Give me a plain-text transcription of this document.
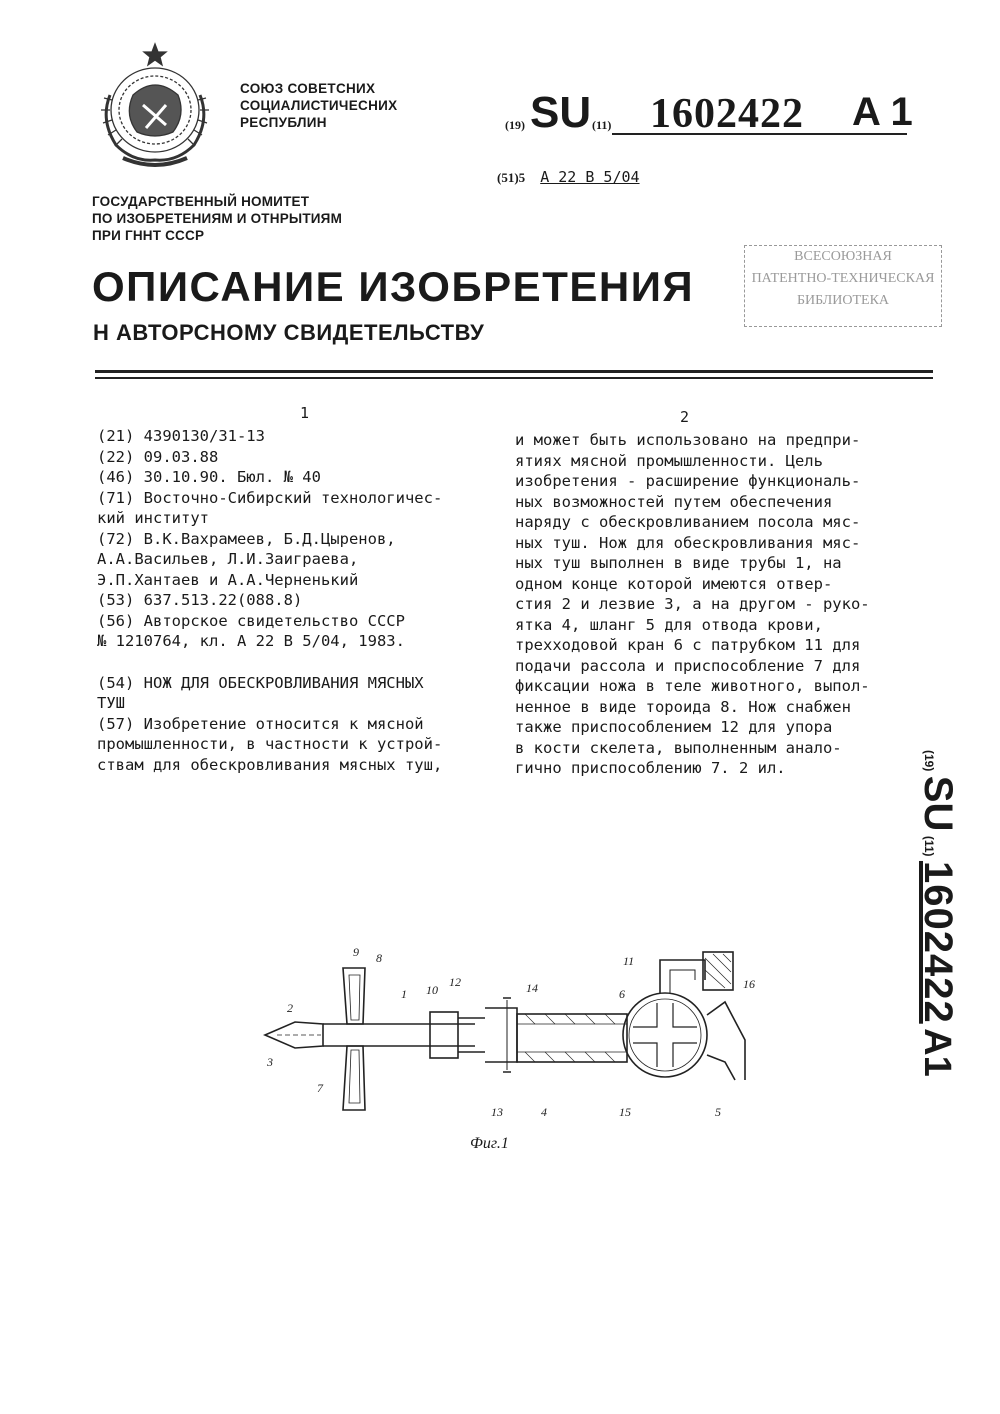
СОЮЗ СОВЕТСНИХ
СОЦИАЛИСТИЧЕСНИХ
РЕСПУБЛИН	(19) SU (11) 1602422 A 1
(51)5 A 22 B 5/04
ГОСУДАРСТВЕННЫЙ НОМИТЕТ
ПО ИЗОБРЕТЕНИЯМ И ОТНРЫТИЯМ
ПРИ ГННТ СССР
ОПИСАНИЕ ИЗОБРЕТЕНИЯ
Н АВТОРСНОМУ СВИДЕТЕЛЬСТВУ
ВСЕСОЮЗНАЯ
ПАТЕНТНО-ТЕХНИЧЕСКАЯ
БИБЛИОТЕКА
1	2

(21) 4390130/31-13

(22) 09.03.88

(46) 30.10.90. Бюл. № 40

(71) Восточно-Сибирский технологичес-

кий институт

(72) В.К.Вахрамеев, Б.Д.Цыренов,

А.А.Васильев, Л.И.Заиграева,

Э.П.Хантаев и А.А.Черненький

(53) 637.513.22(088.8)

(56) Авторское свидетельство СССР

№ 1210764, кл. А 22 В 5/04, 1983.

(54) НОЖ ДЛЯ ОБЕСКРОВЛИВАНИЯ МЯСНЫХ

ТУШ

(57) Изобретение относится к мясной

промышленности, в частности к устрой-

ствам для обескровливания мясных туш,

и может быть использовано на предпри-

ятиях мясной промышленности. Цель

изобретения - расширение функциональ-

ных возможностей путем обеспечения

наряду с обескровливанием посола мяс-

ных туш. Нож для обескровливания мяс-

ных туш выполнен в виде трубы 1, на

одном конце которой имеются отвер-

стия 2 и лезвие 3, а на другом - руко-

ятка 4, шланг 5 для отвода крови,

трехходовой кран 6 с патрубком 11 для

подачи рассола и приспособление 7 для

фиксации ножа в теле животного, выпол-

ненное в виде тороида 8. Нож снабжен

также приспособлением 12 для упора

в кости скелета, выполненным анало-

гично приспособлению 7. 2 ил.	(19) SU (11) 1602422 A1
9 8
1 10
12	14
11
6
16
2
3
7
13	4	15	5
Фиг.1
